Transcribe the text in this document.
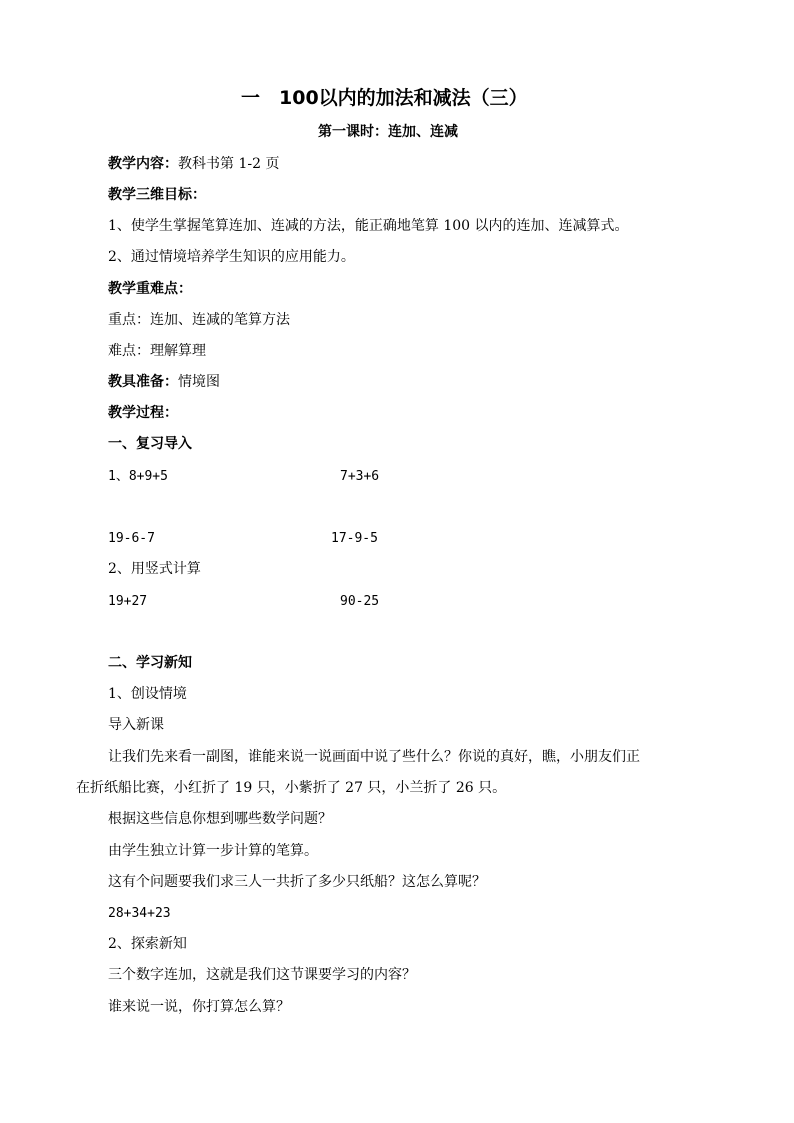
一　100以内的加法和减法（三）
第一课时：连加、连减
教学内容：教科书第 1-2 页
教学三维目标：
1、使学生掌握笔算连加、连减的方法，能正确地笔算 100 以内的连加、连减算式。
2、通过情境培养学生知识的应用能力。
教学重难点：
重点：连加、连减的笔算方法
难点：理解算理
教具准备：情境图
教学过程：
一、复习导入
1、8+9+5	7+3+6
19-6-7	17-9-5
2、用竖式计算
19+27	90-25
二、学习新知
1、创设情境
导入新课
让我们先来看一副图，谁能来说一说画面中说了些什么？你说的真好，瞧，小朋友们正
在折纸船比赛，小红折了 19 只，小紫折了 27 只，小兰折了 26 只。
根据这些信息你想到哪些数学问题？
由学生独立计算一步计算的笔算。
这有个问题要我们求三人一共折了多少只纸船？这怎么算呢？
28+34+23
2、探索新知
三个数字连加，这就是我们这节课要学习的内容？
谁来说一说，你打算怎么算？
